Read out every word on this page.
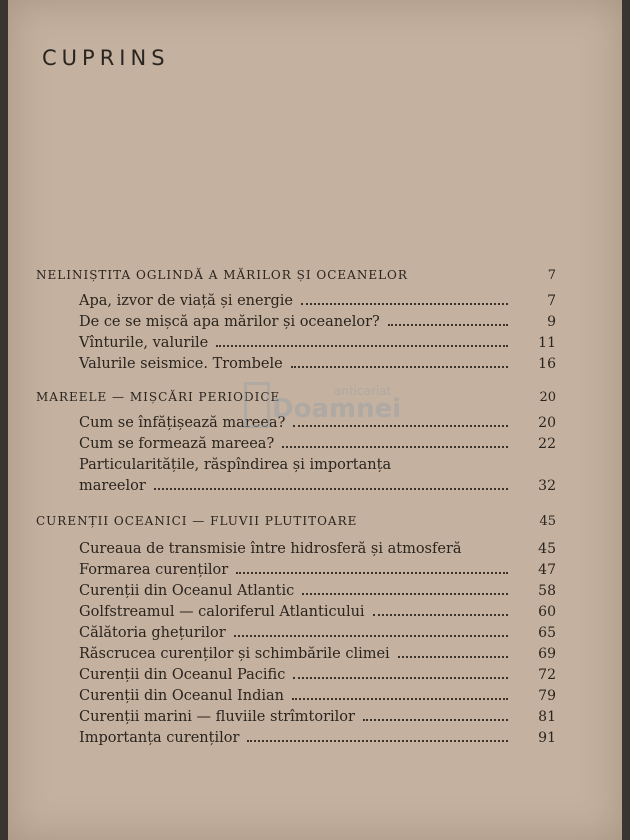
CUPRINS
NELINIȘTITA OGLINDĂ A MĂRILOR ȘI OCEANELOR	7
Apa, izvor de viață și energie	7
De ce se mișcă apa mărilor și oceanelor?	9
Vînturile, valurile	11
Valurile seismice. Trombele	16
MAREELE — MIȘCĂRI PERIODICE	20
Cum se înfățișează mareea?	20
Cum se formează mareea?	22
Particularitățile, răspîndirea și importanța
mareelor	32
CURENȚII OCEANICI — FLUVII PLUTITOARE	45
Cureaua de transmisie între hidrosferă și atmosferă	45
Formarea curenților	47
Curenții din Oceanul Atlantic	58
Golfstreamul — caloriferul Atlanticului	60
Călătoria ghețurilor	65
Răscrucea curenților și schimbările climei	69
Curenții din Oceanul Pacific	72
Curenții din Oceanul Indian	79
Curenții marini — fluviile strîmtorilor	81
Importanța curenților	91
anticariat
Doamnei
